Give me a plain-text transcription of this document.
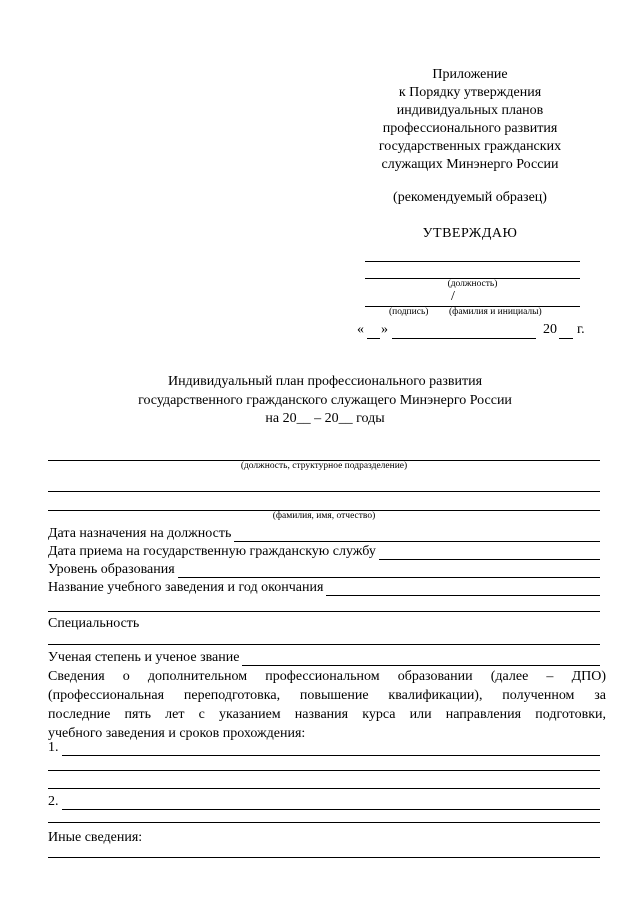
Приложение
к Порядку утверждения
индивидуальных планов
профессионального развития
государственных гражданских
служащих Минэнерго России
(рекомендуемый образец)
УТВЕРЖДАЮ
(должность)
/
(подпись) (фамилия и инициалы)
« »	20 г.
Индивидуальный план профессионального развития
государственного гражданского служащего Минэнерго России
на 20__ – 20__ годы
(должность, структурное подразделение)
(фамилия, имя, отчество)
Дата назначения на должность
Дата приема на государственную гражданскую службу
Уровень образования
Название учебного заведения и год окончания
Специальность
Ученая степень и ученое звание
Сведения о дополнительном профессиональном образовании (далее – ДПО)
(профессиональная переподготовка, повышение квалификации), полученном за
последние пять лет с указанием названия курса или направления подготовки,
учебного заведения и сроков прохождения:
1.
2.
Иные сведения:
